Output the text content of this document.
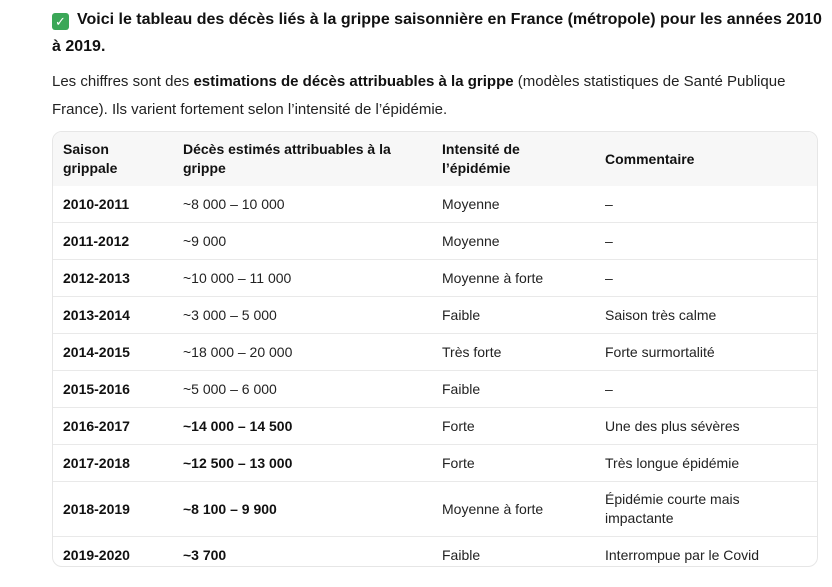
✓ Voici le tableau des décès liés à la grippe saisonnière en France (métropole) pour les années 2010 à 2019.
Les chiffres sont des estimations de décès attribuables à la grippe (modèles statistiques de Santé Publique France). Ils varient fortement selon l’intensité de l’épidémie.
Saison grippale	Décès estimés attribuables à la grippe	Intensité de l’épidémie	Commentaire
2010-2011	~8 000 – 10 000	Moyenne	–
2011-2012	~9 000	Moyenne	–
2012-2013	~10 000 – 11 000	Moyenne à forte	–
2013-2014	~3 000 – 5 000	Faible	Saison très calme
2014-2015	~18 000 – 20 000	Très forte	Forte surmortalité
2015-2016	~5 000 – 6 000	Faible	–
2016-2017	~14 000 – 14 500	Forte	Une des plus sévères
2017-2018	~12 500 – 13 000	Forte	Très longue épidémie
2018-2019	~8 100 – 9 900	Moyenne à forte	Épidémie courte mais impactante
2019-2020	~3 700	Faible	Interrompue par le Covid
